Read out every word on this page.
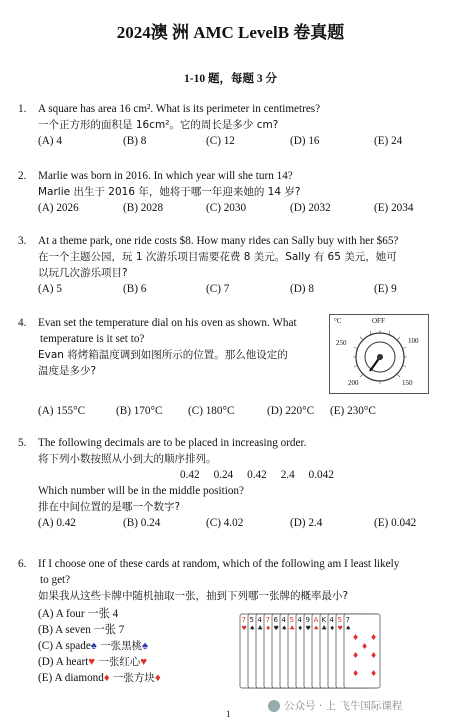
2024澳 洲 AMC LevelB 卷真题
1-10 题，每题 3 分
1. A square has area 16 cm². What is its perimeter in centimetres?
一个正方形的面积是 16cm²。它的周长是多少 cm?
(A) 4	(B) 8	(C) 12	(D) 16	(E) 24
2. Marlie was born in 2016. In which year will she turn 14?
Marlie 出生于 2016 年，她将于哪一年迎来她的 14 岁?
(A) 2026	(B) 2028	(C) 2030	(D) 2032	(E) 2034
3. At a theme park, one ride costs $8. How many rides can Sally buy with her $65?
在一个主题公园，玩 1 次游乐项目需要花费 8 美元。Sally 有 65 美元，她可
以玩几次游乐项目?
(A) 5	(B) 6	(C) 7	(D) 8	(E) 9
4. Evan set the temperature dial on his oven as shown. What
temperature is it set to?
Evan 将烤箱温度调到如图所示的位置。那么他设定的
温度是多少?
(A) 155°C	(B) 170°C (C) 180°C	(D) 220°C (E) 230°C
°C	OFF
100
150
200
250
5. The following decimals are to be placed in increasing order.
将下列小数按照从小到大的顺序排列。
0.42     0.24     0.42     2.4     0.042
Which number will be in the middle position?
排在中间位置的是哪一个数字?
(A) 0.42	(B) 0.24	(C) 4.02	(D) 2.4	(E) 0.042
6. If I choose one of these cards at random, which of the following am I least likely
to get?
如果我从这些卡牌中随机抽取一张，抽到下列哪一张牌的概率最小?
(A) A four 一张 4
(B) A seven 一张 7
(C) A spade♠ 一张黑桃♠
(D) A heart♥ 一张红心♥
(E) A diamond♦ 一张方块♦
7
♥
5
♠
4
♣
7
♦
6
♥
4
♠
5
♣
4
♦
9
♥
A
♠
K
♣
4
♦
5
♥
7
♠
♦ ♦
♦ ♦
♦
♦ ♦
公众号 · 上 飞牛国际课程
1
